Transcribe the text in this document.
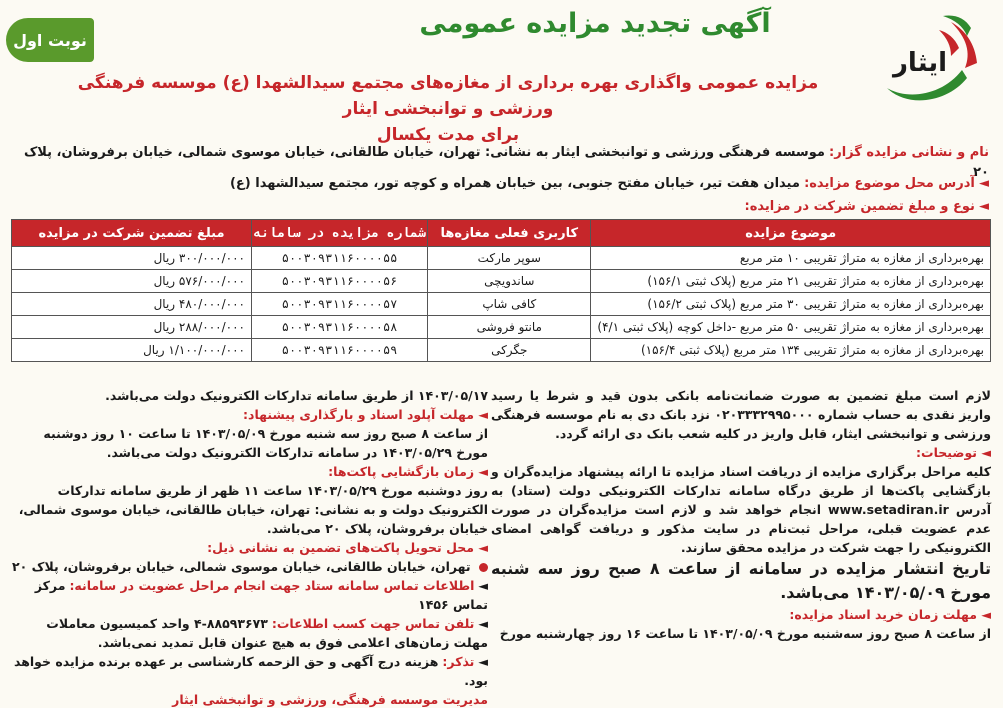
نوبت اول
آگهی تجدید مزایده عمومی
ایثار
مزایده عمومی واگذاری بهره برداری از مغازه‌های مجتمع سیدالشهدا (ع) موسسه فرهنگی ورزشی و توانبخشی ایثار
برای مدت یکسال
نام و نشانی مزایده گزار: موسسه فرهنگی ورزشی و توانبخشی ایثار به نشانی: تهران، خیابان طالقانی، خیابان موسوی شمالی، خیابان برفروشان، پلاک ۲۰
◄ آدرس محل موضوع مزایده: میدان هفت تیر، خیابان مفتح جنوبی، بین خیابان همراه و کوچه تور، مجتمع سیدالشهدا (ع)
◄ نوع و مبلغ تضمین شرکت در مزایده:
موضوع مزایده	کاربری فعلی مغازه‌ها	شماره مزایده در سامانه	مبلغ تضمین شرکت در مزایده
بهره‌برداری از مغازه به متراژ تقریبی ۱۰ متر مربع	سوپر مارکت	۵۰۰۳۰۹۳۱۱۶۰۰۰۰۵۵	۳۰۰/۰۰۰/۰۰۰ ریال
بهره‌برداری از مغازه به متراژ تقریبی ۲۱ متر مربع (پلاک ثبتی ۱۵۶/۱)	ساندویچی	۵۰۰۳۰۹۳۱۱۶۰۰۰۰۵۶	۵۷۶/۰۰۰/۰۰۰ ریال
بهره‌برداری از مغازه به متراژ تقریبی ۳۰ متر مربع (پلاک ثبتی ۱۵۶/۲)	کافی شاپ	۵۰۰۳۰۹۳۱۱۶۰۰۰۰۵۷	۴۸۰/۰۰۰/۰۰۰ ریال
بهره‌برداری از مغازه به متراژ تقریبی ۵۰ متر مربع -داخل کوچه (پلاک ثبتی ۴/۱)	مانتو فروشی	۵۰۰۳۰۹۳۱۱۶۰۰۰۰۵۸	۲۸۸/۰۰۰/۰۰۰ ریال
بهره‌برداری از مغازه به متراژ تقریبی ۱۳۴ متر مربع (پلاک ثبتی ۱۵۶/۴)	جگرکی	۵۰۰۳۰۹۳۱۱۶۰۰۰۰۵۹	۱/۱۰۰/۰۰۰/۰۰۰ ریال
لازم است مبلغ تضمین به صورت ضمانت‌نامه بانکی بدون قید و شرط یا رسید واریز نقدی به حساب شماره ۰۲۰۳۳۳۲۹۹۵۰۰۰ نزد بانک دی به نام موسسه فرهنگی ورزشی و توانبخشی ایثار، قابل واریز در کلیه شعب بانک دی ارائه گردد.
◄ توضیحات:
کلیه مراحل برگزاری مزایده از دریافت اسناد مزایده تا ارائه پیشنهاد مزایده‌گران و بازگشایی پاکت‌ها از طریق درگاه سامانه تدارکات الکترونیکی دولت (ستاد) به آدرس www.setadiran.ir انجام خواهد شد و لازم است مزایده‌گران در صورت عدم عضویت قبلی، مراحل ثبت‌نام در سایت مذکور و دریافت گواهی امضای الکترونیکی را جهت شرکت در مزایده محقق سازند.
تاریخ انتشار مزایده در سامانه از ساعت ۸ صبح روز سه شنبه مورخ ۱۴۰۳/۰۵/۰۹ می‌باشد.
◄ مهلت زمان خرید اسناد مزایده:
از ساعت ۸ صبح روز سه‌شنبه مورخ ۱۴۰۳/۰۵/۰۹ تا ساعت ۱۶ روز چهارشنبه مورخ
۱۴۰۳/۰۵/۱۷ از طریق سامانه تدارکات الکترونیک دولت می‌باشد.
◄ مهلت آپلود اسناد و بارگذاری پیشنهاد:
از ساعت ۸ صبح روز سه شنبه مورخ ۱۴۰۳/۰۵/۰۹ تا ساعت ۱۰ روز دوشنبه مورخ ۱۴۰۳/۰۵/۲۹ در سامانه تدارکات الکترونیک دولت می‌باشد.
◄ زمان بازگشایی پاکت‌ها:
روز دوشنبه مورخ ۱۴۰۳/۰۵/۲۹ ساعت ۱۱ ظهر از طریق سامانه تدارکات الکترونیک دولت و به نشانی: تهران، خیابان طالقانی، خیابان موسوی شمالی، خیابان برفروشان، پلاک ۲۰ می‌باشد.
◄ محل تحویل پاکت‌های تضمین به نشانی ذیل:
تهران، خیابان طالقانی، خیابان موسوی شمالی، خیابان برفروشان، پلاک ۲۰
◄ اطلاعات تماس سامانه ستاد جهت انجام مراحل عضویت در سامانه: مرکز تماس ۱۴۵۶
◄ تلفن تماس جهت کسب اطلاعات: ۸۸۵۹۳۶۷۳-۴ واحد کمیسیون معاملات
مهلت زمان‌های اعلامی فوق به هیچ عنوان قابل تمدید نمی‌باشد.
◄ تذکر: هزینه درج آگهی و حق الزحمه کارشناسی بر عهده برنده مزایده خواهد بود.
مدیریت موسسه فرهنگی، ورزشی و توانبخشی ایثار
